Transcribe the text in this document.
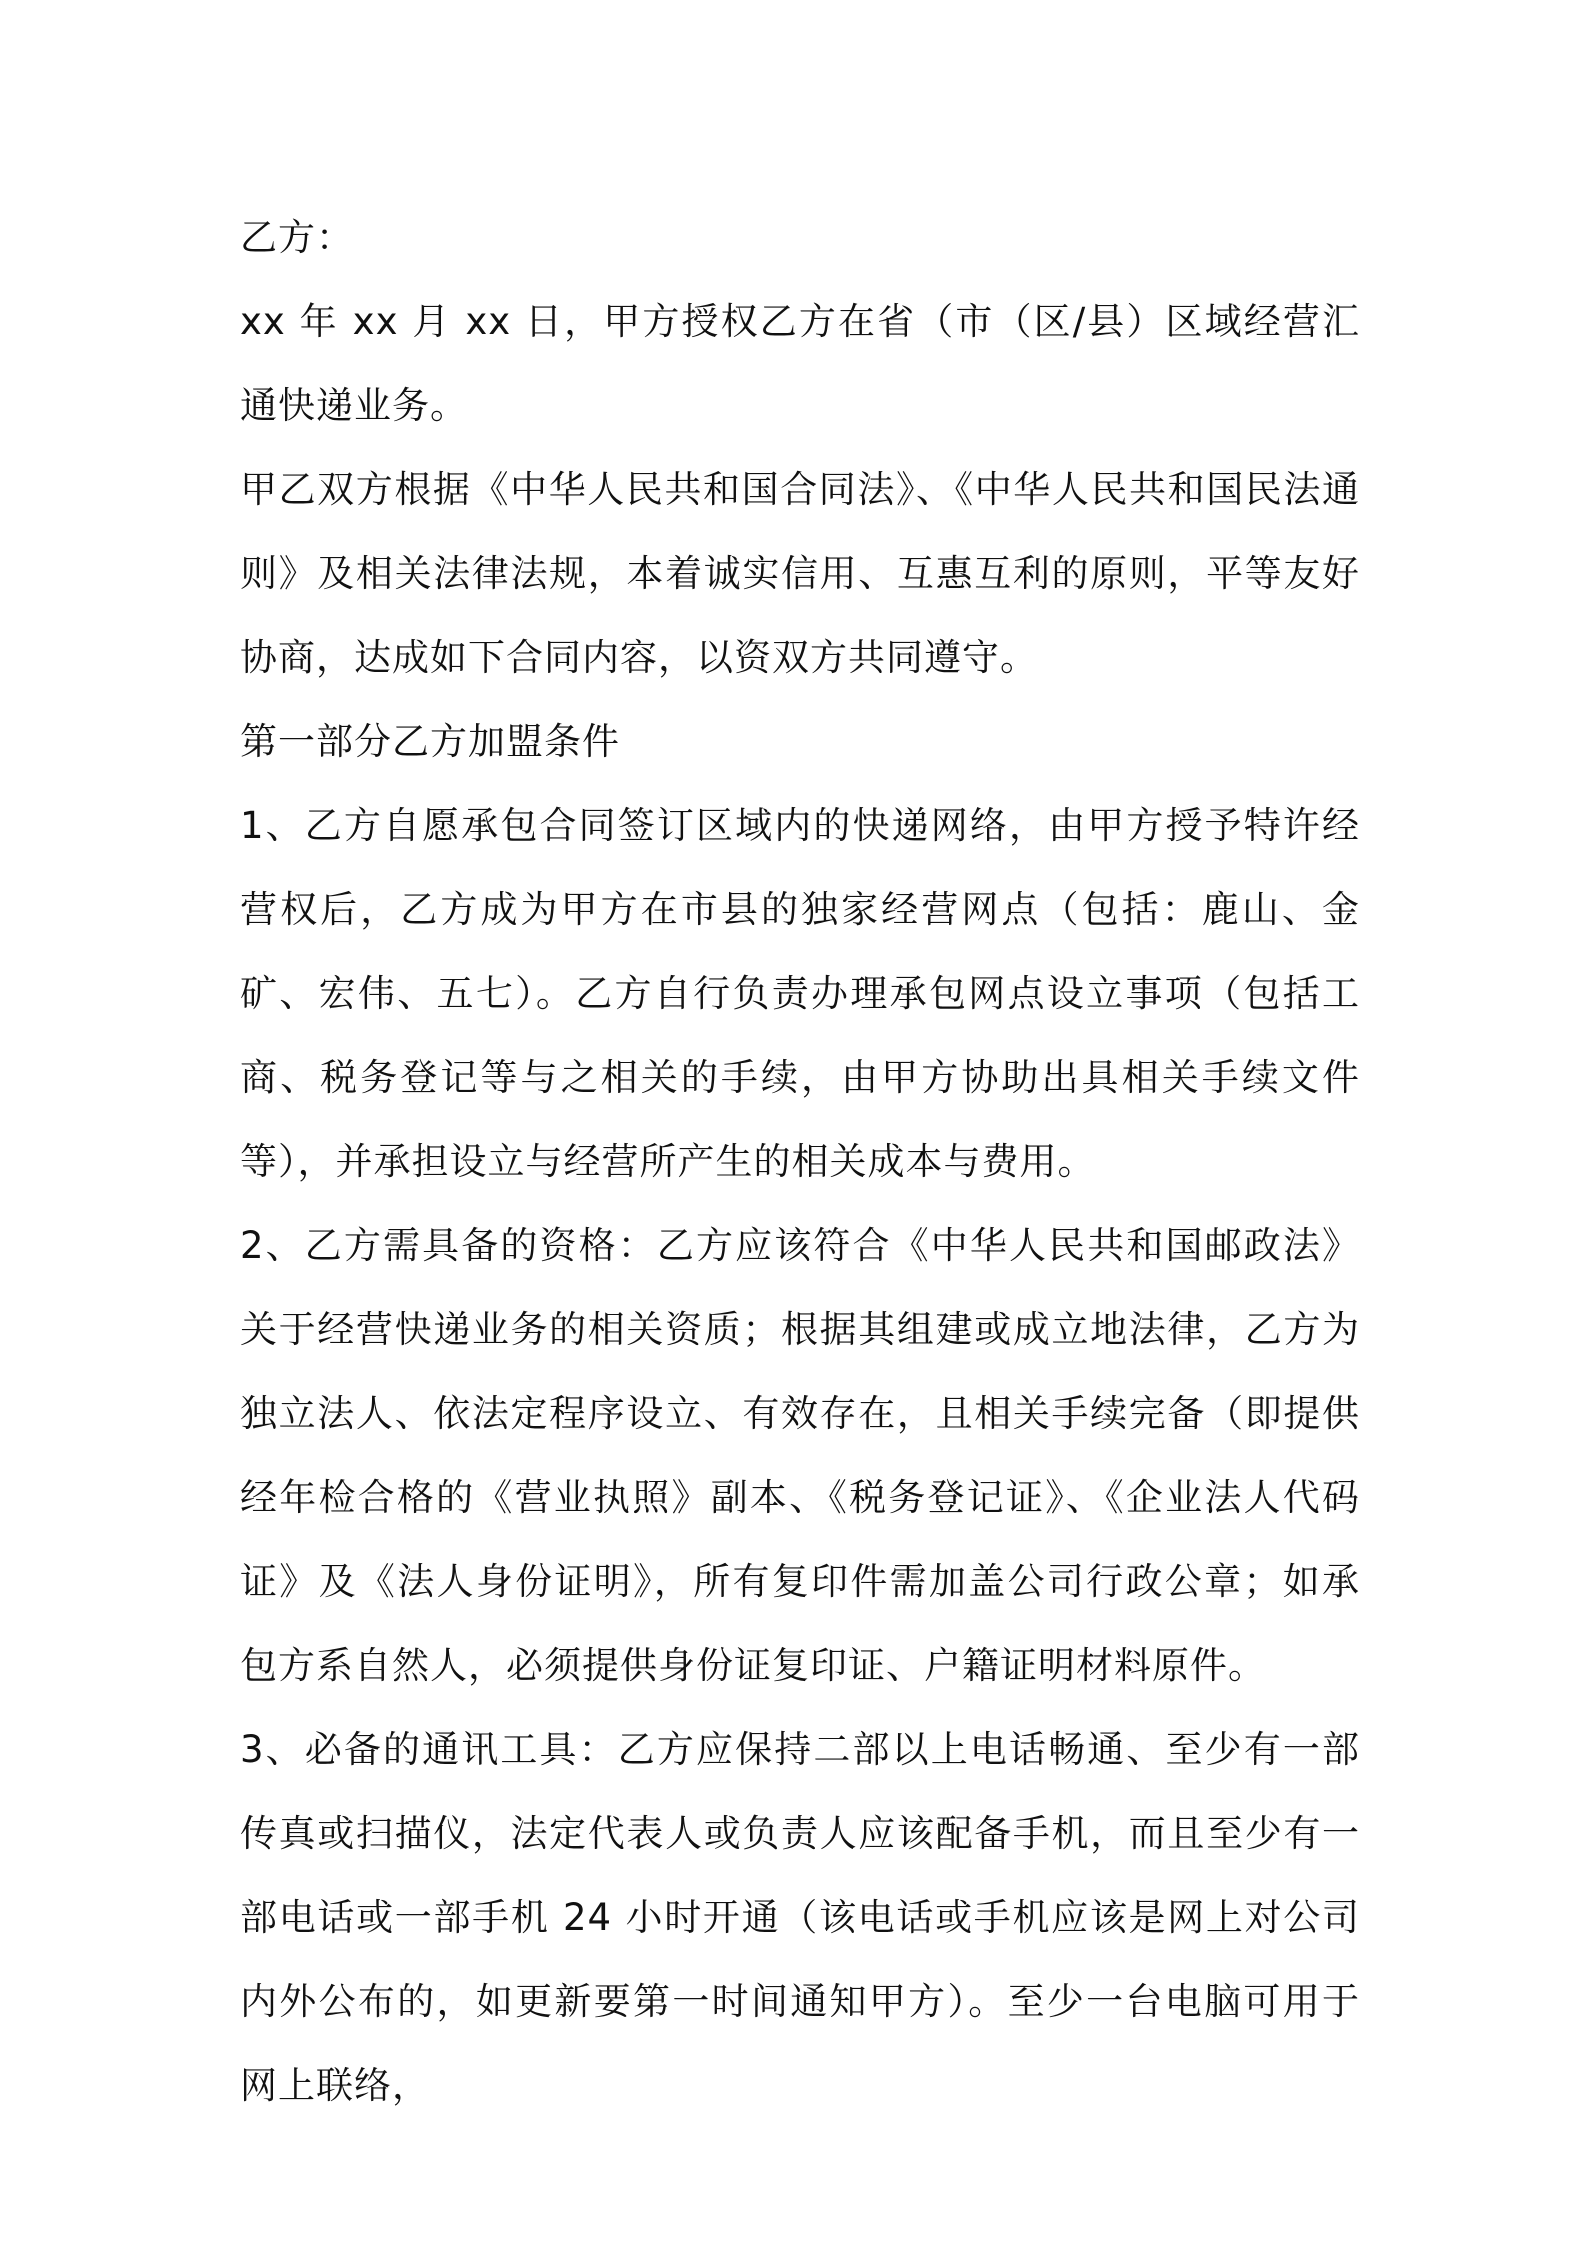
乙方：

xx 年 xx 月 xx 日，甲方授权乙方在省（市（区/县）区域经营汇通快递业务。

甲乙双方根据《中华人民共和国合同法》、《中华人民共和国民法通则》及相关法律法规，本着诚实信用、互惠互利的原则，平等友好协商，达成如下合同内容，以资双方共同遵守。

第一部分乙方加盟条件

1、乙方自愿承包合同签订区域内的快递网络，由甲方授予特许经营权后，乙方成为甲方在市县的独家经营网点（包括：鹿山、金矿、宏伟、五七）。乙方自行负责办理承包网点设立事项（包括工商、税务登记等与之相关的手续，由甲方协助出具相关手续文件等），并承担设立与经营所产生的相关成本与费用。

2、乙方需具备的资格：乙方应该符合《中华人民共和国邮政法》关于经营快递业务的相关资质；根据其组建或成立地法律，乙方为独立法人、依法定程序设立、有效存在，且相关手续完备（即提供经年检合格的《营业执照》副本、《税务登记证》、《企业法人代码证》及《法人身份证明》，所有复印件需加盖公司行政公章；如承包方系自然人，必须提供身份证复印证、户籍证明材料原件。

3、必备的通讯工具：乙方应保持二部以上电话畅通、至少有一部传真或扫描仪，法定代表人或负责人应该配备手机，而且至少有一部电话或一部手机 24 小时开通（该电话或手机应该是网上对公司内外公布的，如更新要第一时间通知甲方）。至少一台电脑可用于网上联络，
